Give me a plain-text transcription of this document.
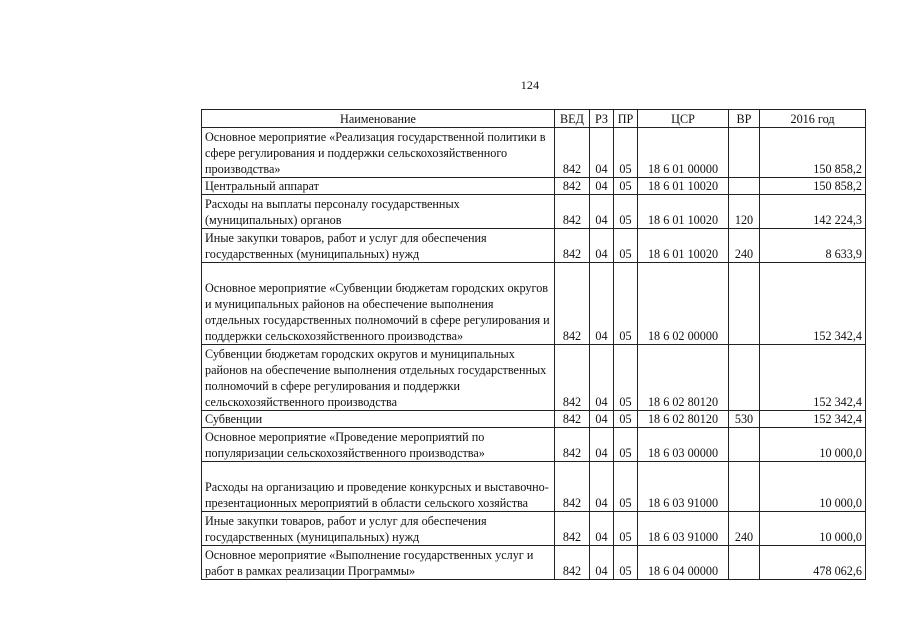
124
Наименование	ВЕД	РЗ	ПР	ЦСР	ВР	2016 год
Основное мероприятие «Реализация государственной политики в сфере регулирования и поддержки сельскохозяйственного производства»	842	04	05	18 6 01 00000		150 858,2
Центральный аппарат	842	04	05	18 6 01 10020		150 858,2
Расходы на выплаты персоналу государственных (муниципальных) органов	842	04	05	18 6 01 10020	120	142 224,3
Иные закупки товаров, работ и услуг для обеспечения государственных (муниципальных) нужд	842	04	05	18 6 01 10020	240	8 633,9
Основное мероприятие «Субвенции бюджетам городских округов и муниципальных районов на обеспечение выполнения отдельных государственных полномочий в сфере регулирования и поддержки сельскохозяйственного производства»	842	04	05	18 6 02 00000		152 342,4
Субвенции бюджетам городских округов и муниципальных районов на обеспечение выполнения отдельных государственных полномочий в сфере регулирования и поддержки сельскохозяйственного производства	842	04	05	18 6 02 80120		152 342,4
Субвенции	842	04	05	18 6 02 80120	530	152 342,4
Основное мероприятие «Проведение мероприятий по популяризации сельскохозяйственного производства»	842	04	05	18 6 03 00000		10 000,0
Расходы на организацию и проведение конкурсных и выставочно-презентационных мероприятий в области сельского хозяйства	842	04	05	18 6 03 91000		10 000,0
Иные закупки товаров, работ и услуг для обеспечения государственных (муниципальных) нужд	842	04	05	18 6 03 91000	240	10 000,0
Основное мероприятие «Выполнение государственных услуг и работ в рамках реализации Программы»	842	04	05	18 6 04 00000		478 062,6
